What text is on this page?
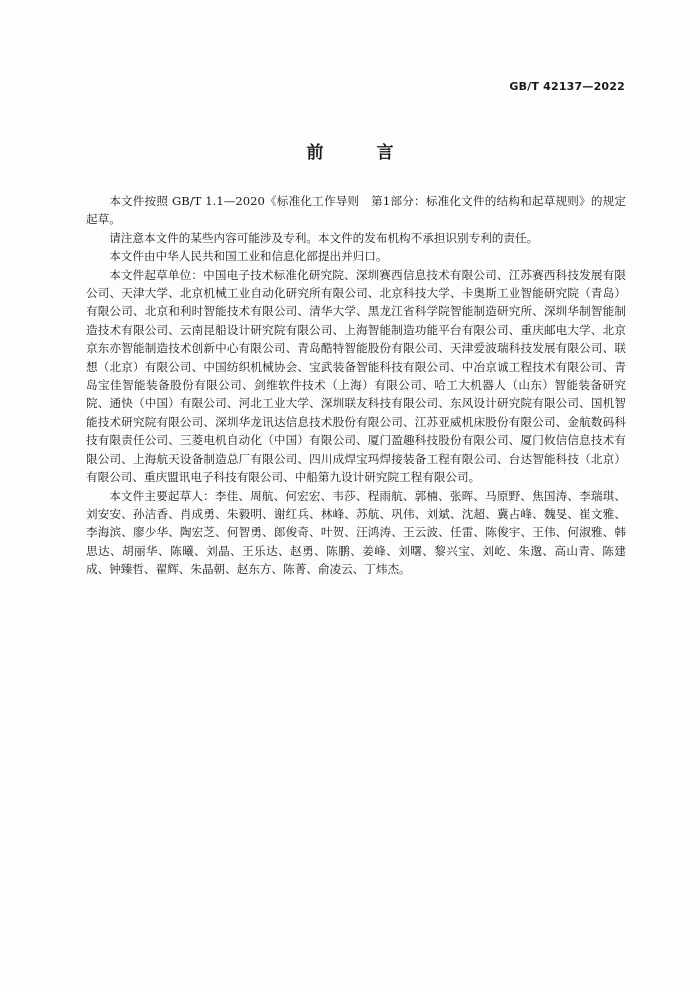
GB/T 42137—2022
前　言

本文件按照 GB/T 1.1—2020《标准化工作导则　第1部分：标准化文件的结构和起草规则》的规定起草。

请注意本文件的某些内容可能涉及专利。本文件的发布机构不承担识别专利的责任。

本文件由中华人民共和国工业和信息化部提出并归口。

本文件起草单位：中国电子技术标准化研究院、深圳赛西信息技术有限公司、江苏赛西科技发展有限公司、天津大学、北京机械工业自动化研究所有限公司、北京科技大学、卡奥斯工业智能研究院（青岛）有限公司、北京和利时智能技术有限公司、清华大学、黑龙江省科学院智能制造研究所、深圳华制智能制造技术有限公司、云南昆船设计研究院有限公司、上海智能制造功能平台有限公司、重庆邮电大学、北京京东亦智能制造技术创新中心有限公司、青岛酷特智能股份有限公司、天津爱波瑞科技发展有限公司、联想（北京）有限公司、中国纺织机械协会、宝武装备智能科技有限公司、中冶京诚工程技术有限公司、青岛宝佳智能装备股份有限公司、剑维软件技术（上海）有限公司、哈工大机器人（山东）智能装备研究院、通快（中国）有限公司、河北工业大学、深圳联友科技有限公司、东风设计研究院有限公司、国机智能技术研究院有限公司、深圳华龙讯达信息技术股份有限公司、江苏亚威机床股份有限公司、金航数码科技有限责任公司、三菱电机自动化（中国）有限公司、厦门盈趣科技股份有限公司、厦门攸信信息技术有限公司、上海航天设备制造总厂有限公司、四川成焊宝玛焊接装备工程有限公司、台达智能科技（北京）有限公司、重庆盟讯电子科技有限公司、中船第九设计研究院工程有限公司。

本文件主要起草人：李佳、周航、何宏宏、韦莎、程雨航、郭楠、张晖、马原野、焦国涛、李瑞琪、刘安安、孙洁香、肖成勇、朱毅明、谢红兵、林峰、苏航、巩伟、刘斌、沈超、冀占峰、魏旻、崔文雅、李海滨、廖少华、陶宏芝、何智勇、郎俊奇、叶贺、汪鸿涛、王云波、任雷、陈俊宇、王伟、何淑雅、韩思达、胡丽华、陈曦、刘晶、王乐达、赵勇、陈鹏、姜峰、刘曙、黎兴宝、刘屹、朱邈、高山青、陈建成、钟臻哲、翟辉、朱晶朝、赵东方、陈菁、俞凌云、丁炜杰。
